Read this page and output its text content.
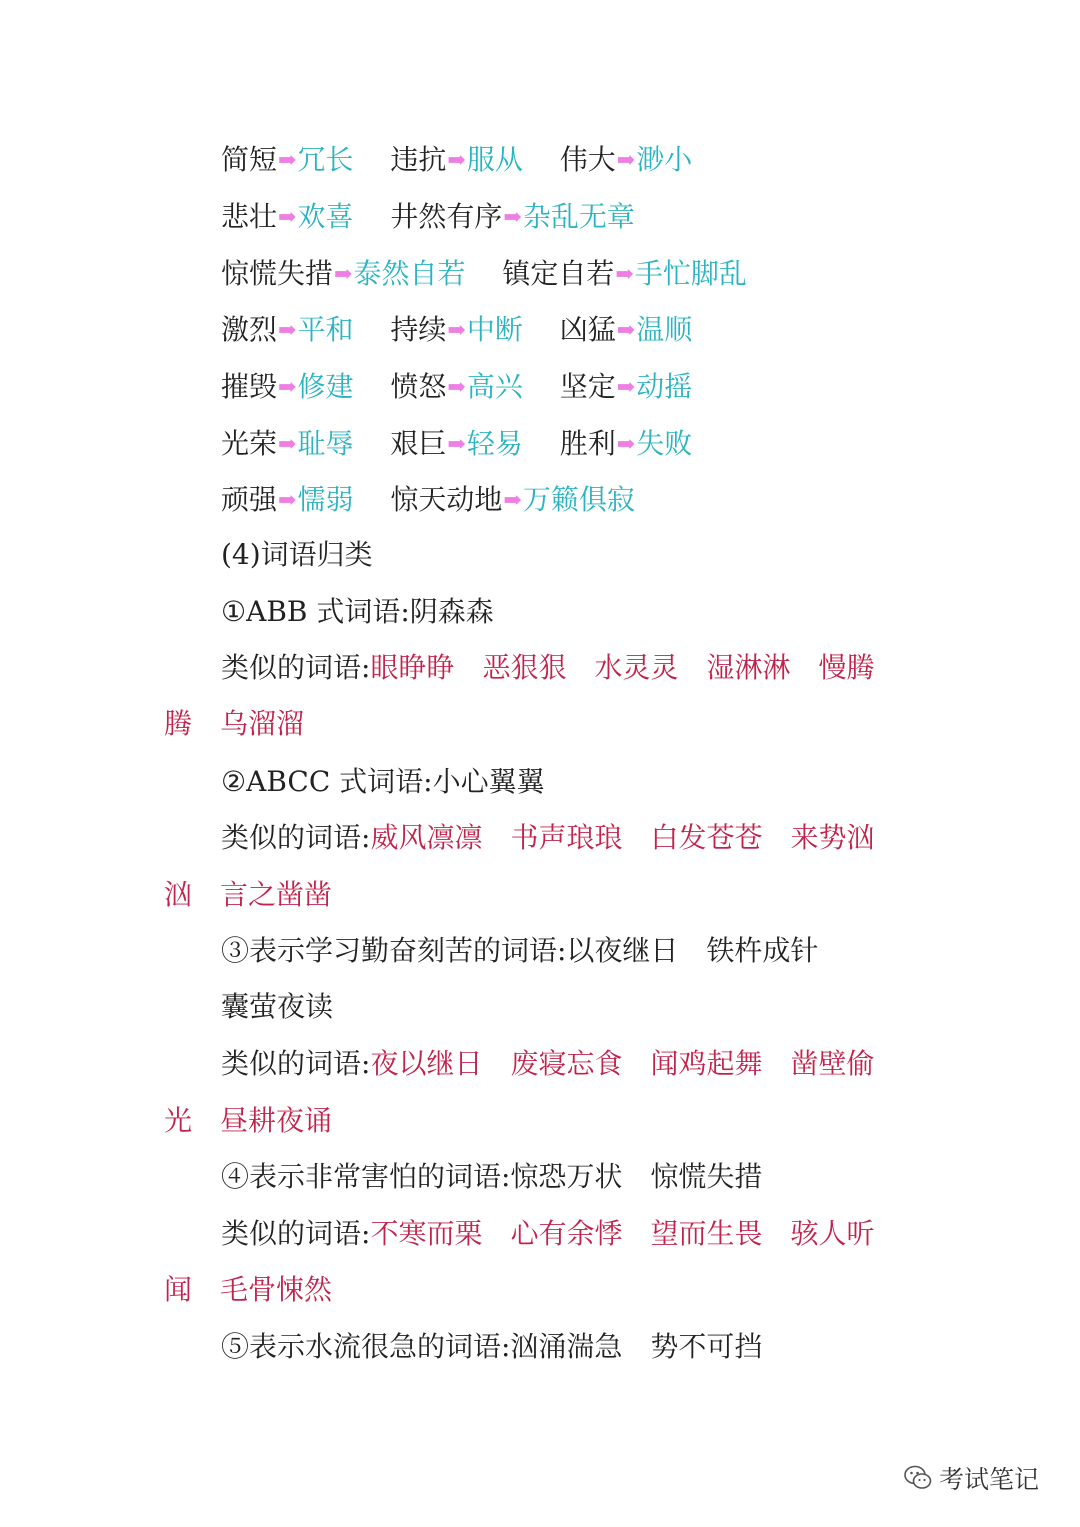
简短➡冗长 违抗➡服从 伟大➡渺小
悲壮➡欢喜 井然有序➡杂乱无章
惊慌失措➡泰然自若 镇定自若➡手忙脚乱
激烈➡平和 持续➡中断 凶猛➡温顺
摧毁➡修建 愤怒➡高兴 坚定➡动摇
光荣➡耻辱 艰巨➡轻易 胜利➡失败
顽强➡懦弱 惊天动地➡万籁俱寂
(4)词语归类
①ABB 式词语:阴森森
类似的词语:眼睁睁 恶狠狠 水灵灵 湿淋淋 慢腾
腾 乌溜溜
②ABCC 式词语:小心翼翼
类似的词语:威风凛凛 书声琅琅 白发苍苍 来势汹
汹 言之凿凿
③表示学习勤奋刻苦的词语:以夜继日　铁杵成针
囊萤夜读
类似的词语:夜以继日 废寝忘食 闻鸡起舞 凿壁偷
光 昼耕夜诵
④表示非常害怕的词语:惊恐万状　惊慌失措
类似的词语:不寒而栗 心有余悸 望而生畏 骇人听
闻 毛骨悚然
⑤表示水流很急的词语:汹涌湍急　势不可挡
考试笔记
